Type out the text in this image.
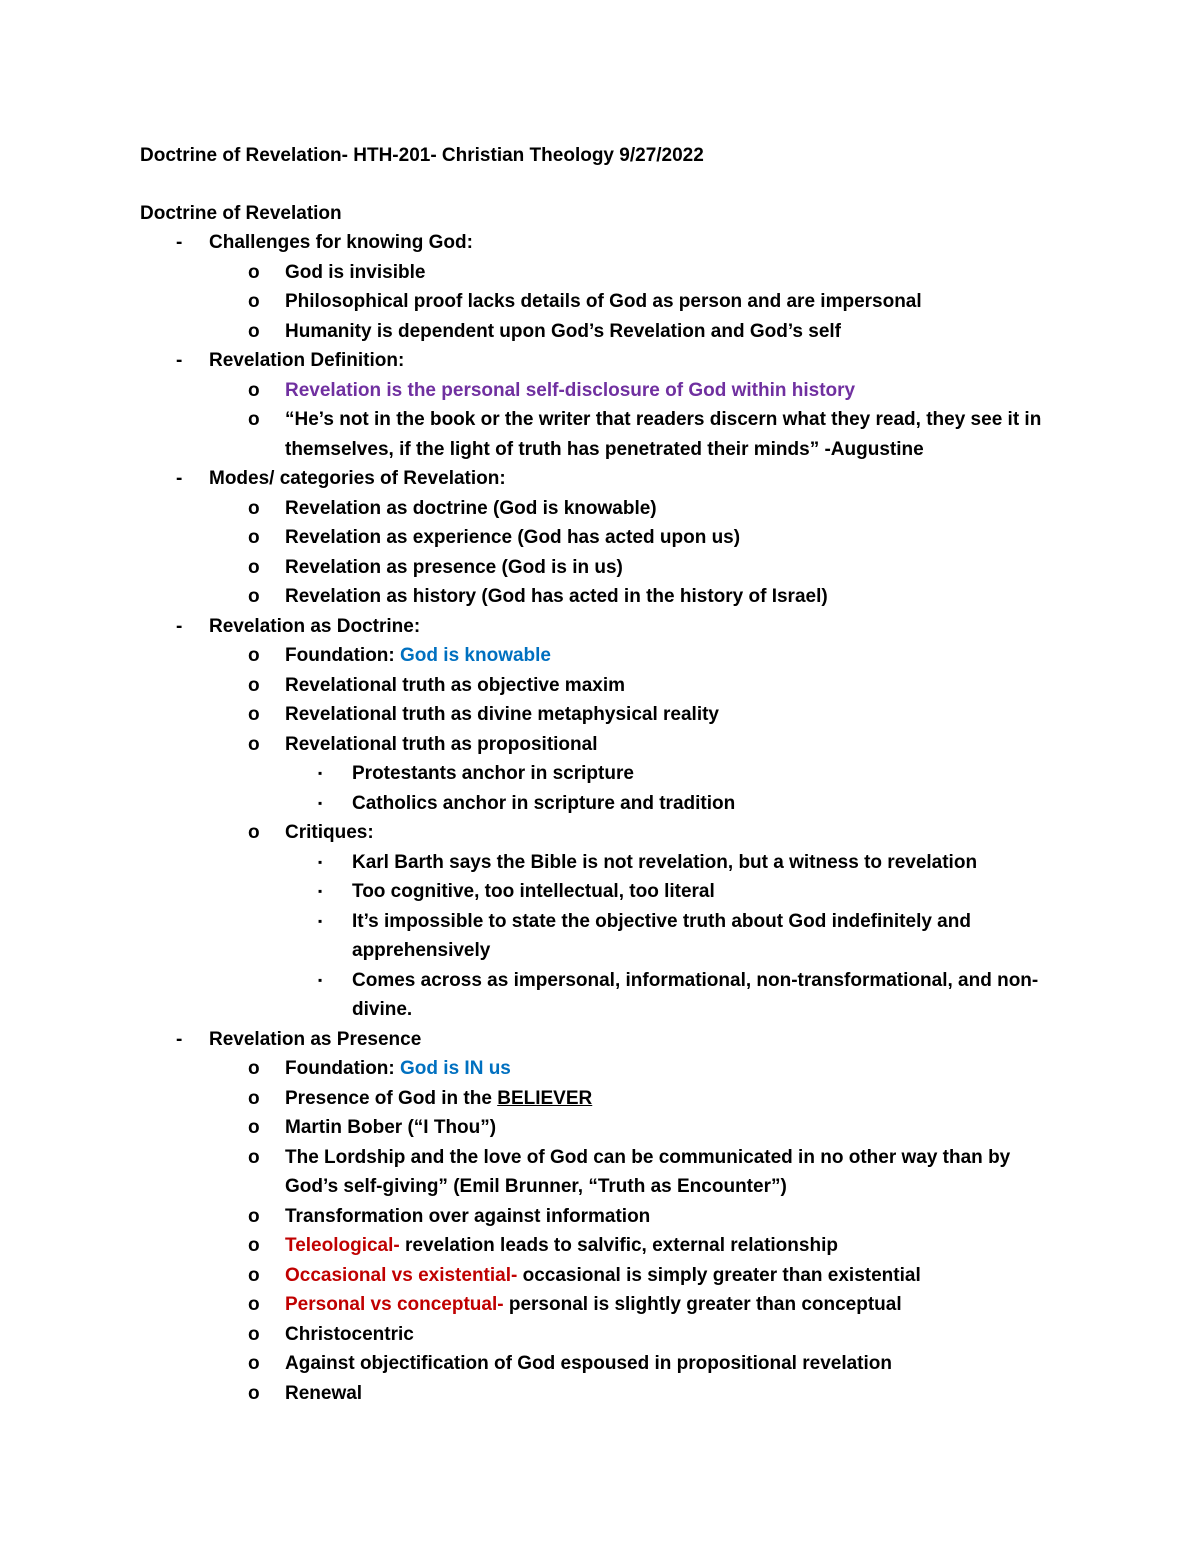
Doctrine of Revelation- HTH-201- Christian Theology 9/27/2022
Doctrine of Revelation
-	Challenges for knowing God:
o	God is invisible
o	Philosophical proof lacks details of God as person and are impersonal
o	Humanity is dependent upon God’s Revelation and God’s self
-	Revelation Definition:
o	Revelation is the personal self-disclosure of God within history
o	“He’s not in the book or the writer that readers discern what they read, they see it in themselves, if the light of truth has penetrated their minds” -Augustine
-	Modes/ categories of Revelation:
o	Revelation as doctrine (God is knowable)
o	Revelation as experience (God has acted upon us)
o	Revelation as presence (God is in us)
o	Revelation as history (God has acted in the history of Israel)
-	Revelation as Doctrine:
o	Foundation: God is knowable
o	Revelational truth as objective maxim
o	Revelational truth as divine metaphysical reality
o	Revelational truth as propositional
▪	Protestants anchor in scripture
▪	Catholics anchor in scripture and tradition
o	Critiques:
▪	Karl Barth says the Bible is not revelation, but a witness to revelation
▪	Too cognitive, too intellectual, too literal
▪	It’s impossible to state the objective truth about God indefinitely and apprehensively
▪	Comes across as impersonal, informational, non-transformational, and non-divine.
-	Revelation as Presence
o	Foundation: God is IN us
o	Presence of God in the BELIEVER
o	Martin Bober (“I Thou”)
o	The Lordship and the love of God can be communicated in no other way than by God’s self-giving” (Emil Brunner, “Truth as Encounter”)
o	Transformation over against information
o	Teleological- revelation leads to salvific, external relationship
o	Occasional vs existential- occasional is simply greater than existential
o	Personal vs conceptual- personal is slightly greater than conceptual
o	Christocentric
o	Against objectification of God espoused in propositional revelation
o	Renewal
